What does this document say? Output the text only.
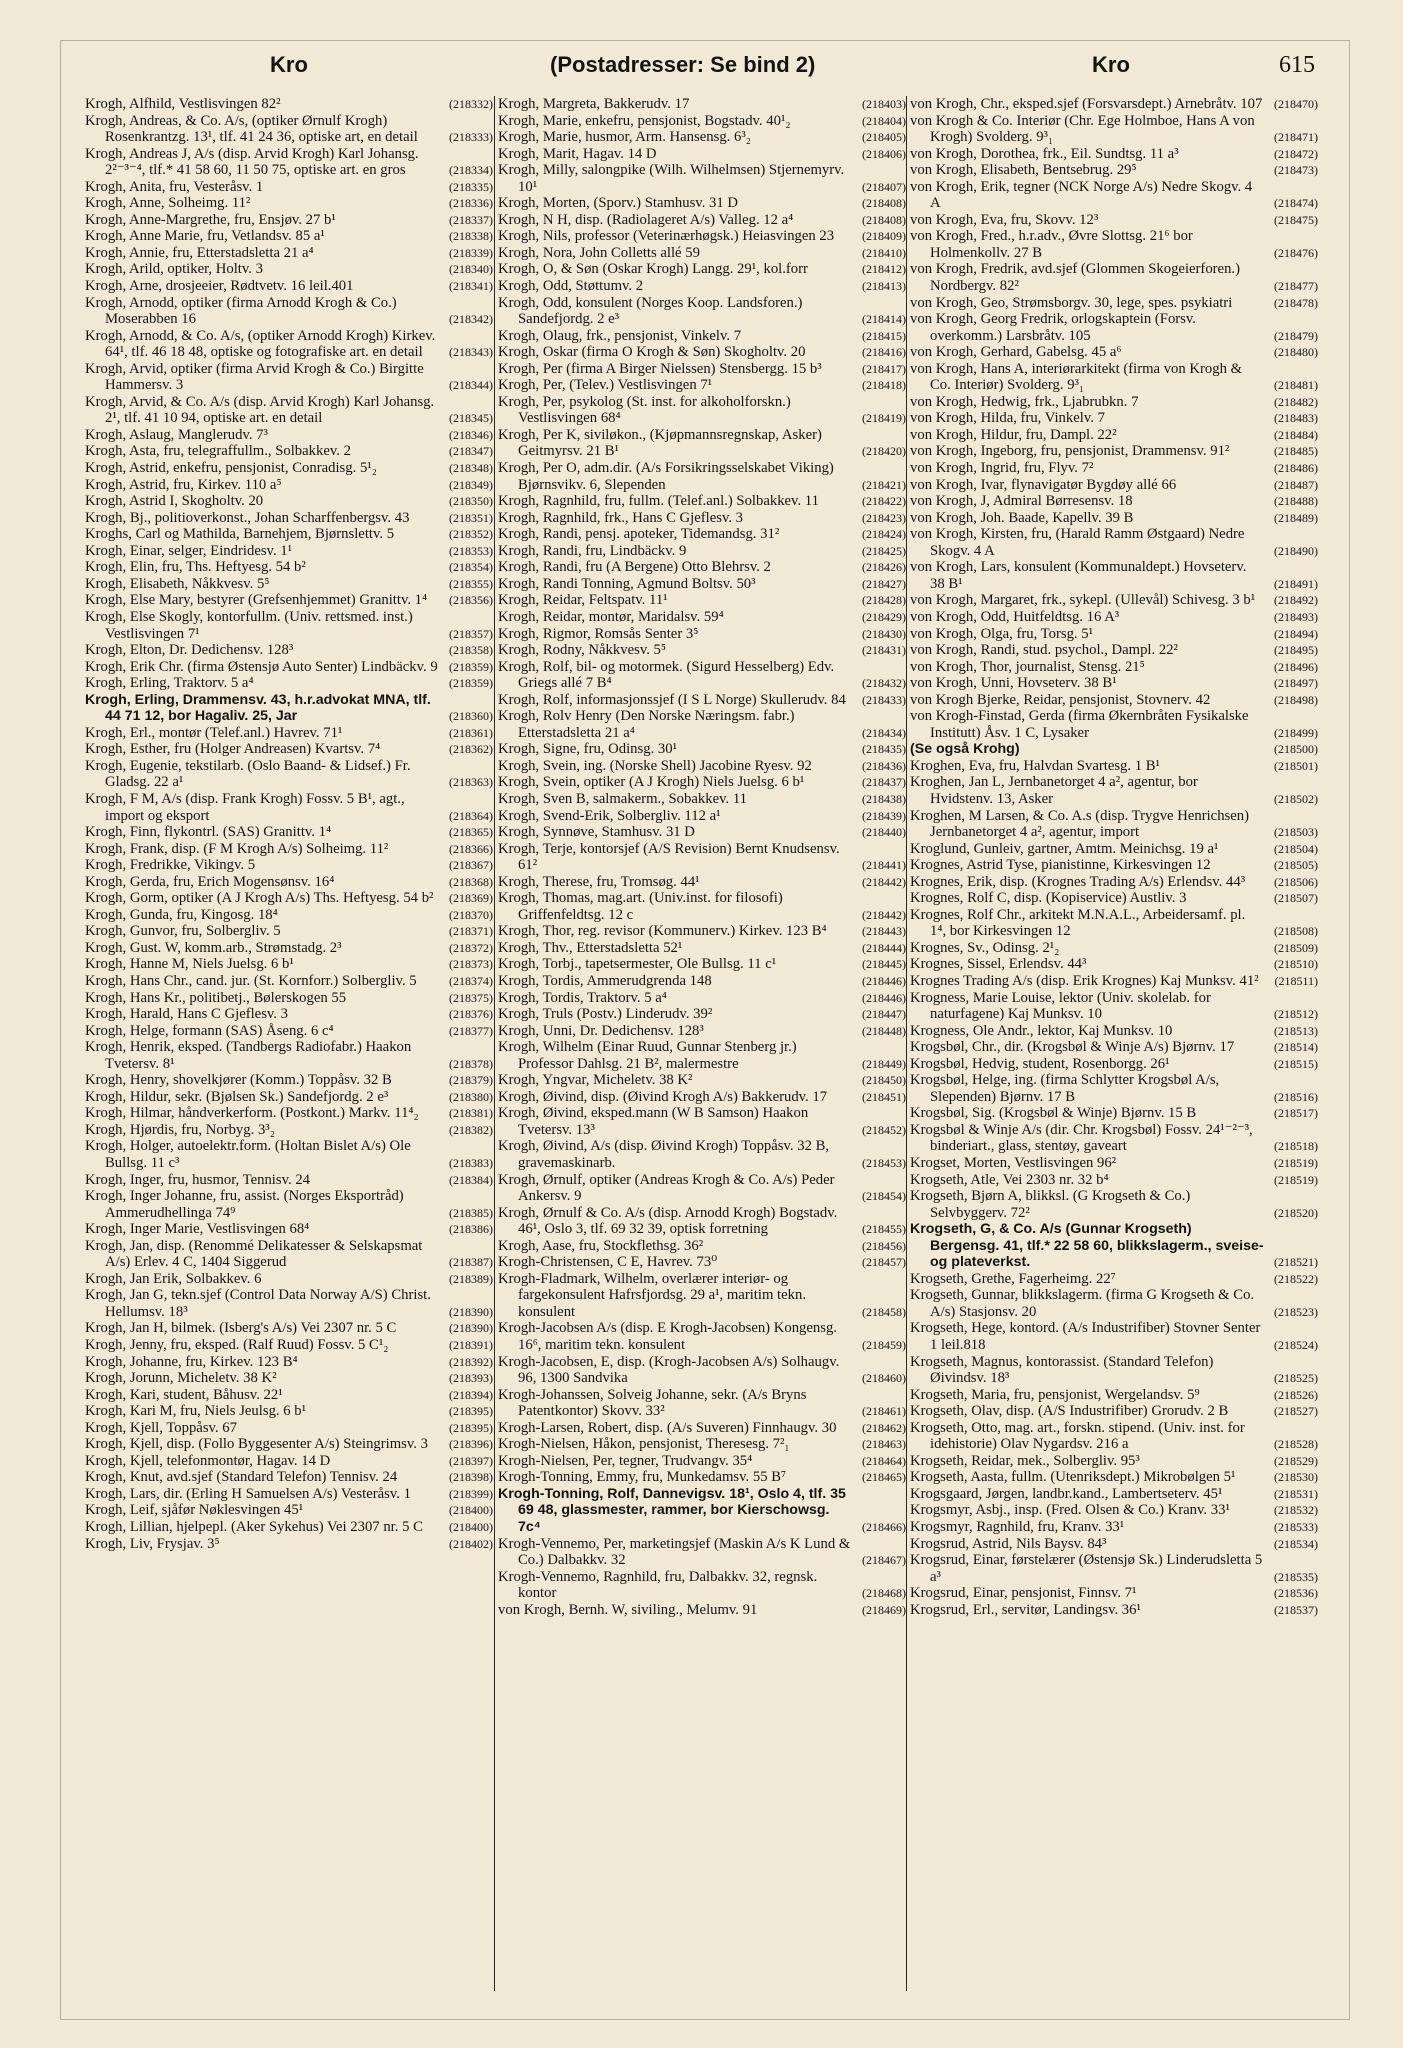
Kro	(Postadresser: Se bind 2)	Kro	615
Krogh, Alfhild, Vestlisvingen 82²	(218332)
Krogh, Andreas, & Co. A/s, (optiker Ørnulf Krogh) Rosenkrantzg. 13¹, tlf. 41 24 36, optiske art, en detail	(218333)
Krogh, Andreas J, A/s (disp. Arvid Krogh) Karl Johansg. 2²⁻³⁻⁴, tlf.* 41 58 60, 11 50 75, optiske art. en gros	(218334)
Krogh, Anita, fru, Vesteråsv. 1	(218335)
Krogh, Anne, Solheimg. 11²	(218336)
Krogh, Anne-Margrethe, fru, Ensjøv. 27 b¹	(218337)
Krogh, Anne Marie, fru, Vetlandsv. 85 a¹	(218338)
Krogh, Annie, fru, Etterstadsletta 21 a⁴	(218339)
Krogh, Arild, optiker, Holtv. 3	(218340)
Krogh, Arne, drosjeeier, Rødtvetv. 16 leil.401	(218341)
Krogh, Arnodd, optiker (firma Arnodd Krogh & Co.) Moserabben 16	(218342)
Krogh, Arnodd, & Co. A/s, (optiker Arnodd Krogh) Kirkev. 64¹, tlf. 46 18 48, optiske og fotografiske art. en detail (218343)
Krogh, Arvid, optiker (firma Arvid Krogh & Co.) Birgitte Hammersv. 3	(218344)
Krogh, Arvid, & Co. A/s (disp. Arvid Krogh) Karl Johansg. 2¹, tlf. 41 10 94, optiske art. en detail	(218345)
Krogh, Aslaug, Manglerudv. 7³	(218346)
Krogh, Asta, fru, telegraffullm., Solbakkev. 2	(218347)
Krogh, Astrid, enkefru, pensjonist, Conradisg. 5¹₂	(218348)
Krogh, Astrid, fru, Kirkev. 110 a⁵	(218349)
Krogh, Astrid I, Skogholtv. 20	(218350)
Krogh, Bj., politioverkonst., Johan Scharffenbergsv. 43	(218351)
Kroghs, Carl og Mathilda, Barnehjem, Bjørnslettv. 5	(218352)
Krogh, Einar, selger, Eindridesv. 1¹	(218353)
Krogh, Elin, fru, Ths. Heftyesg. 54 b²	(218354)
Krogh, Elisabeth, Nåkkvesv. 5⁵	(218355)
Krogh, Else Mary, bestyrer (Grefsenhjemmet) Granittv. 1⁴ (218356)
Krogh, Else Skogly, kontorfullm. (Univ. rettsmed. inst.) Vestlisvingen 7¹	(218357)
Krogh, Elton, Dr. Dedichensv. 128³	(218358)
Krogh, Erik Chr. (firma Østensjø Auto Senter) Lindbäckv. 9 (218359)
Krogh, Erling, Traktorv. 5 a⁴	(218359)
Krogh, Erling, Drammensv. 43, h.r.advokat MNA, tlf. 44 71 12, bor Hagaliv. 25, Jar	(218360)
Krogh, Erl., montør (Telef.anl.) Havrev. 71¹	(218361)
Krogh, Esther, fru (Holger Andreasen) Kvartsv. 7⁴	(218362)
Krogh, Eugenie, tekstilarb. (Oslo Baand- & Lidsef.) Fr. Gladsg. 22 a¹	(218363)
Krogh, F M, A/s (disp. Frank Krogh) Fossv. 5 B¹, agt., import og eksport	(218364)
Krogh, Finn, flykontrl. (SAS) Granittv. 1⁴	(218365)
Krogh, Frank, disp. (F M Krogh A/s) Solheimg. 11²	(218366)
Krogh, Fredrikke, Vikingv. 5	(218367)
Krogh, Gerda, fru, Erich Mogensønsv. 16⁴	(218368)
Krogh, Gorm, optiker (A J Krogh A/s) Ths. Heftyesg. 54 b² (218369)
Krogh, Gunda, fru, Kingosg. 18⁴	(218370)
Krogh, Gunvor, fru, Solbergliv. 5	(218371)
Krogh, Gust. W, komm.arb., Strømstadg. 2³	(218372)
Krogh, Hanne M, Niels Juelsg. 6 b¹	(218373)
Krogh, Hans Chr., cand. jur. (St. Kornforr.) Solbergliv. 5	(218374)
Krogh, Hans Kr., politibetj., Bølerskogen 55	(218375)
Krogh, Harald, Hans C Gjeflesv. 3	(218376)
Krogh, Helge, formann (SAS) Åseng. 6 c⁴	(218377)
Krogh, Henrik, eksped. (Tandbergs Radiofabr.) Haakon Tvetersv. 8¹	(218378)
Krogh, Henry, shovelkjører (Komm.) Toppåsv. 32 B	(218379)
Krogh, Hildur, sekr. (Bjølsen Sk.) Sandefjordg. 2 e³	(218380)
Krogh, Hilmar, håndverkerform. (Postkont.) Markv. 11⁴₂	(218381)
Krogh, Hjørdis, fru, Norbyg. 3³₂	(218382)
Krogh, Holger, autoelektr.form. (Holtan Bislet A/s) Ole Bullsg. 11 c³	(218383)
Krogh, Inger, fru, husmor, Tennisv. 24	(218384)
Krogh, Inger Johanne, fru, assist. (Norges Eksportråd) Ammerudhellinga 74⁹	(218385)
Krogh, Inger Marie, Vestlisvingen 68⁴	(218386)
Krogh, Jan, disp. (Renommé Delikatesser & Selskapsmat A/s) Erlev. 4 C, 1404 Siggerud	(218387)
Krogh, Jan Erik, Solbakkev. 6	(218389)
Krogh, Jan G, tekn.sjef (Control Data Norway A/S) Christ. Hellumsv. 18³	(218390)
Krogh, Jan H, bilmek. (Isberg's A/s) Vei 2307 nr. 5 C	(218390)
Krogh, Jenny, fru, eksped. (Ralf Ruud) Fossv. 5 C¹₂	(218391)
Krogh, Johanne, fru, Kirkev. 123 B⁴	(218392)
Krogh, Jorunn, Micheletv. 38 K²	(218393)
Krogh, Kari, student, Båhusv. 22¹	(218394)
Krogh, Kari M, fru, Niels Jeulsg. 6 b¹	(218395)
Krogh, Kjell, Toppåsv. 67	(218395)
Krogh, Kjell, disp. (Follo Byggesenter A/s) Steingrimsv. 3 (218396)
Krogh, Kjell, telefonmontør, Hagav. 14 D	(218397)
Krogh, Knut, avd.sjef (Standard Telefon) Tennisv. 24	(218398)
Krogh, Lars, dir. (Erling H Samuelsen A/s) Vesteråsv. 1	(218399)
Krogh, Leif, sjåfør Nøklesvingen 45¹	(218400)
Krogh, Lillian, hjelpepl. (Aker Sykehus) Vei 2307 nr. 5 C (218400)
Krogh, Liv, Frysjav. 3⁵	(218402)
Krogh, Margreta, Bakkerudv. 17	(218403)
Krogh, Marie, enkefru, pensjonist, Bogstadv. 40¹₂	(218404)
Krogh, Marie, husmor, Arm. Hansensg. 6³₂	(218405)
Krogh, Marit, Hagav. 14 D	(218406)
Krogh, Milly, salongpike (Wilh. Wilhelmsen) Stjernemyrv. 10¹	(218407)
Krogh, Morten, (Sporv.) Stamhusv. 31 D	(218408)
Krogh, N H, disp. (Radiolageret A/s) Valleg. 12 a⁴	(218408)
Krogh, Nils, professor (Veterinærhøgsk.) Heiasvingen 23 (218409)
Krogh, Nora, John Colletts allé 59	(218410)
Krogh, O, & Søn (Oskar Krogh) Langg. 29¹, kol.forr	(218412)
Krogh, Odd, Støttumv. 2	(218413)
Krogh, Odd, konsulent (Norges Koop. Landsforen.) Sandefjordg. 2 e³	(218414)
Krogh, Olaug, frk., pensjonist, Vinkelv. 7	(218415)
Krogh, Oskar (firma O Krogh & Søn) Skogholtv. 20	(218416)
Krogh, Per (firma A Birger Nielssen) Stensbergg. 15 b³	(218417)
Krogh, Per, (Telev.) Vestlisvingen 7¹	(218418)
Krogh, Per, psykolog (St. inst. for alkoholforskn.) Vestlisvingen 68⁴	(218419)
Krogh, Per K, siviløkon., (Kjøpmannsregnskap, Asker) Geitmyrsv. 21 B¹	(218420)
Krogh, Per O, adm.dir. (A/s Forsikringsselskabet Viking) Bjørnsvikv. 6, Slependen	(218421)
Krogh, Ragnhild, fru, fullm. (Telef.anl.) Solbakkev. 11	(218422)
Krogh, Ragnhild, frk., Hans C Gjeflesv. 3	(218423)
Krogh, Randi, pensj. apoteker, Tidemandsg. 31²	(218424)
Krogh, Randi, fru, Lindbäckv. 9	(218425)
Krogh, Randi, fru (A Bergene) Otto Blehrsv. 2	(218426)
Krogh, Randi Tonning, Agmund Boltsv. 50³	(218427)
Krogh, Reidar, Feltspatv. 11¹	(218428)
Krogh, Reidar, montør, Maridalsv. 59⁴	(218429)
Krogh, Rigmor, Romsås Senter 3⁵	(218430)
Krogh, Rodny, Nåkkvesv. 5⁵	(218431)
Krogh, Rolf, bil- og motormek. (Sigurd Hesselberg) Edv. Griegs allé 7 B⁴	(218432)
Krogh, Rolf, informasjonssjef (I S L Norge) Skullerudv. 84 (218433)
Krogh, Rolv Henry (Den Norske Næringsm. fabr.) Etterstadsletta 21 a⁴	(218434)
Krogh, Signe, fru, Odinsg. 30¹	(218435)
Krogh, Svein, ing. (Norske Shell) Jacobine Ryesv. 92	(218436)
Krogh, Svein, optiker (A J Krogh) Niels Juelsg. 6 b¹	(218437)
Krogh, Sven B, salmakerm., Sobakkev. 11	(218438)
Krogh, Svend-Erik, Solbergliv. 112 a¹	(218439)
Krogh, Synnøve, Stamhusv. 31 D	(218440)
Krogh, Terje, kontorsjef (A/S Revision) Bernt Knudsensv. 61²	(218441)
Krogh, Therese, fru, Tromsøg. 44¹	(218442)
Krogh, Thomas, mag.art. (Univ.inst. for filosofi) Griffenfeldtsg. 12 c	(218442)
Krogh, Thor, reg. revisor (Kommunerv.) Kirkev. 123 B⁴	(218443)
Krogh, Thv., Etterstadsletta 52¹	(218444)
Krogh, Torbj., tapetsermester, Ole Bullsg. 11 c¹	(218445)
Krogh, Tordis, Ammerudgrenda 148	(218446)
Krogh, Tordis, Traktorv. 5 a⁴	(218446)
Krogh, Truls (Postv.) Linderudv. 39²	(218447)
Krogh, Unni, Dr. Dedichensv. 128³	(218448)
Krogh, Wilhelm (Einar Ruud, Gunnar Stenberg jr.) Professor Dahlsg. 21 B², malermestre	(218449)
Krogh, Yngvar, Micheletv. 38 K²	(218450)
Krogh, Øivind, disp. (Øivind Krogh A/s) Bakkerudv. 17	(218451)
Krogh, Øivind, eksped.mann (W B Samson) Haakon Tvetersv. 13³	(218452)
Krogh, Øivind, A/s (disp. Øivind Krogh) Toppåsv. 32 B, gravemaskinarb.	(218453)
Krogh, Ørnulf, optiker (Andreas Krogh & Co. A/s) Peder Ankersv. 9	(218454)
Krogh, Ørnulf & Co. A/s (disp. Arnodd Krogh) Bogstadv. 46¹, Oslo 3, tlf. 69 32 39, optisk forretning	(218455)
Krogh, Aase, fru, Stockflethsg. 36²	(218456)
Krogh-Christensen, C E, Havrev. 73⁰	(218457)
Krogh-Fladmark, Wilhelm, overlærer interiør- og fargekonsulent Hafrsfjordsg. 29 a¹, maritim tekn. konsulent	(218458)
Krogh-Jacobsen A/s (disp. E Krogh-Jacobsen) Kongensg. 16⁶, maritim tekn. konsulent	(218459)
Krogh-Jacobsen, E, disp. (Krogh-Jacobsen A/s) Solhaugv. 96, 1300 Sandvika	(218460)
Krogh-Johanssen, Solveig Johanne, sekr. (A/s Bryns Patentkontor) Skovv. 33²	(218461)
Krogh-Larsen, Robert, disp. (A/s Suveren) Finnhaugv. 30 (218462)
Krogh-Nielsen, Håkon, pensjonist, Theresesg. 7²₁	(218463)
Krogh-Nielsen, Per, tegner, Trudvangv. 35⁴	(218464)
Krogh-Tonning, Emmy, fru, Munkedamsv. 55 B⁷	(218465)
Krogh-Tonning, Rolf, Dannevigsv. 18¹, Oslo 4, tlf. 35 69 48, glassmester, rammer, bor Kierschowsg. 7c⁴	(218466)
Krogh-Vennemo, Per, marketingsjef (Maskin A/s K Lund & Co.) Dalbakkv. 32	(218467)
Krogh-Vennemo, Ragnhild, fru, Dalbakkv. 32, regnsk. kontor	(218468)
von Krogh, Bernh. W, siviling., Melumv. 91	(218469)
von Krogh, Chr., eksped.sjef (Forsvarsdept.) Arnebråtv. 107 (218470)
von Krogh & Co. Interiør (Chr. Ege Holmboe, Hans A von Krogh) Svolderg. 9³₁	(218471)
von Krogh, Dorothea, frk., Eil. Sundtsg. 11 a³	(218472)
von Krogh, Elisabeth, Bentsebrug. 29⁵	(218473)
von Krogh, Erik, tegner (NCK Norge A/s) Nedre Skogv. 4 A	(218474)
von Krogh, Eva, fru, Skovv. 12³	(218475)
von Krogh, Fred., h.r.adv., Øvre Slottsg. 21⁶ bor Holmenkollv. 27 B	(218476)
von Krogh, Fredrik, avd.sjef (Glommen Skogeierforen.) Nordbergv. 82²	(218477)
von Krogh, Geo, Strømsborgv. 30, lege, spes. psykiatri	(218478)
von Krogh, Georg Fredrik, orlogskaptein (Forsv. overkomm.) Larsbråtv. 105	(218479)
von Krogh, Gerhard, Gabelsg. 45 a⁶	(218480)
von Krogh, Hans A, interiørarkitekt (firma von Krogh & Co. Interiør) Svolderg. 9³₁	(218481)
von Krogh, Hedwig, frk., Ljabrubkn. 7	(218482)
von Krogh, Hilda, fru, Vinkelv. 7	(218483)
von Krogh, Hildur, fru, Dampl. 22²	(218484)
von Krogh, Ingeborg, fru, pensjonist, Drammensv. 91²	(218485)
von Krogh, Ingrid, fru, Flyv. 7²	(218486)
von Krogh, Ivar, flynavigatør Bygdøy allé 66	(218487)
von Krogh, J, Admiral Børresensv. 18	(218488)
von Krogh, Joh. Baade, Kapellv. 39 B	(218489)
von Krogh, Kirsten, fru, (Harald Ramm Østgaard) Nedre Skogv. 4 A	(218490)
von Krogh, Lars, konsulent (Kommunaldept.) Hovseterv. 38 B¹	(218491)
von Krogh, Margaret, frk., sykepl. (Ullevål) Schivesg. 3 b¹ (218492)
von Krogh, Odd, Huitfeldtsg. 16 A³	(218493)
von Krogh, Olga, fru, Torsg. 5¹	(218494)
von Krogh, Randi, stud. psychol., Dampl. 22²	(218495)
von Krogh, Thor, journalist, Stensg. 21⁵	(218496)
von Krogh, Unni, Hovseterv. 38 B¹	(218497)
von Krogh Bjerke, Reidar, pensjonist, Stovnerv. 42	(218498)
von Krogh-Finstad, Gerda (firma Økernbråten Fysikalske Institutt) Åsv. 1 C, Lysaker	(218499)
(Se også Krohg)	(218500)
Kroghen, Eva, fru, Halvdan Svartesg. 1 B¹	(218501)
Kroghen, Jan L, Jernbanetorget 4 a², agentur, bor Hvidstenv. 13, Asker	(218502)
Kroghen, M Larsen, & Co. A.s (disp. Trygve Henrichsen) Jernbanetorget 4 a², agentur, import	(218503)
Kroglund, Gunleiv, gartner, Amtm. Meinichsg. 19 a¹	(218504)
Krognes, Astrid Tyse, pianistinne, Kirkesvingen 12	(218505)
Krognes, Erik, disp. (Krognes Trading A/s) Erlendsv. 44³ (218506)
Krognes, Rolf C, disp. (Kopiservice) Austliv. 3	(218507)
Krognes, Rolf Chr., arkitekt M.N.A.L., Arbeidersamf. pl. 1⁴, bor Kirkesvingen 12	(218508)
Krognes, Sv., Odinsg. 2¹₂	(218509)
Krognes, Sissel, Erlendsv. 44³	(218510)
Krognes Trading A/s (disp. Erik Krognes) Kaj Munksv. 41² (218511)
Krogness, Marie Louise, lektor (Univ. skolelab. for naturfagene) Kaj Munksv. 10	(218512)
Krogness, Ole Andr., lektor, Kaj Munksv. 10	(218513)
Krogsbøl, Chr., dir. (Krogsbøl & Winje A/s) Bjørnv. 17	(218514)
Krogsbøl, Hedvig, student, Rosenborgg. 26¹	(218515)
Krogsbøl, Helge, ing. (firma Schlytter Krogsbøl A/s, Slependen) Bjørnv. 17 B	(218516)
Krogsbøl, Sig. (Krogsbøl & Winje) Bjørnv. 15 B	(218517)
Krogsbøl & Winje A/s (dir. Chr. Krogsbøl) Fossv. 24¹⁻²⁻³, binderiart., glass, stentøy, gaveart	(218518)
Krogset, Morten, Vestlisvingen 96²	(218519)
Krogseth, Atle, Vei 2303 nr. 32 b⁴	(218519)
Krogseth, Bjørn A, blikksl. (G Krogseth & Co.) Selvbyggerv. 72²	(218520)
Krogseth, G, & Co. A/s (Gunnar Krogseth) Bergensg. 41, tlf.* 22 58 60, blikkslagerm., sveise- og plateverkst.	(218521)
Krogseth, Grethe, Fagerheimg. 22⁷	(218522)
Krogseth, Gunnar, blikkslagerm. (firma G Krogseth & Co. A/s) Stasjonsv. 20	(218523)
Krogseth, Hege, kontord. (A/s Industrifiber) Stovner Senter 1 leil.818	(218524)
Krogseth, Magnus, kontorassist. (Standard Telefon) Øivindsv. 18³	(218525)
Krogseth, Maria, fru, pensjonist, Wergelandsv. 5⁹	(218526)
Krogseth, Olav, disp. (A/S Industrifiber) Grorudv. 2 B	(218527)
Krogseth, Otto, mag. art., forskn. stipend. (Univ. inst. for idehistorie) Olav Nygardsv. 216 a	(218528)
Krogseth, Reidar, mek., Solbergliv. 95³	(218529)
Krogseth, Aasta, fullm. (Utenriksdept.) Mikrobølgen 5¹	(218530)
Krogsgaard, Jørgen, landbr.kand., Lambertseterv. 45¹	(218531)
Krogsmyr, Asbj., insp. (Fred. Olsen & Co.) Kranv. 33¹	(218532)
Krogsmyr, Ragnhild, fru, Kranv. 33¹	(218533)
Krogsrud, Astrid, Nils Baysv. 84³	(218534)
Krogsrud, Einar, førstelærer (Østensjø Sk.) Linderudsletta 5 a³	(218535)
Krogsrud, Einar, pensjonist, Finnsv. 7¹	(218536)
Krogsrud, Erl., servitør, Landingsv. 36¹	(218537)
